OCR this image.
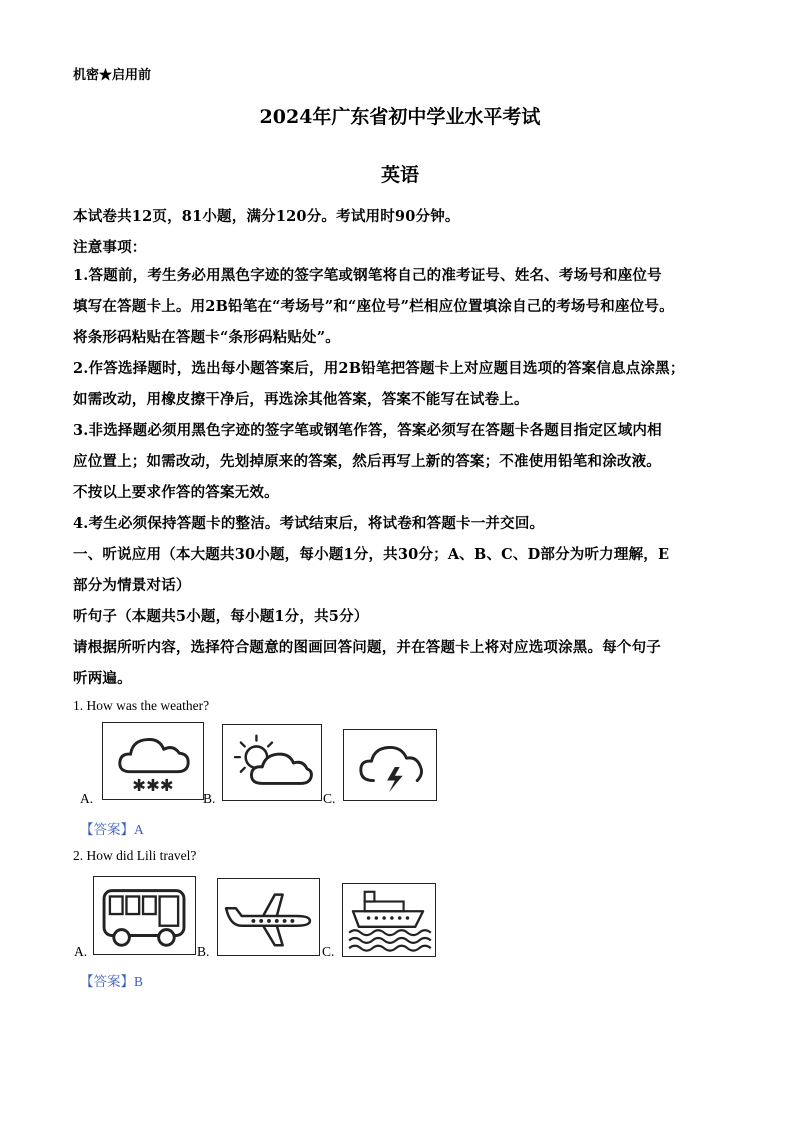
机密★启用前
2024年广东省初中学业水平考试
英语
本试卷共12页，81小题，满分120分。考试用时90分钟。
注意事项：
1.答题前，考生务必用黑色字迹的签字笔或钢笔将自己的准考证号、姓名、考场号和座位号
填写在答题卡上。用2B铅笔在“考场号”和“座位号”栏相应位置填涂自己的考场号和座位号。
将条形码粘贴在答题卡“条形码粘贴处”。
2.作答选择题时，选出每小题答案后，用2B铅笔把答题卡上对应题目选项的答案信息点涂黑；
如需改动，用橡皮擦干净后，再选涂其他答案，答案不能写在试卷上。
3.非选择题必须用黑色字迹的签字笔或钢笔作答，答案必须写在答题卡各题目指定区域内相
应位置上；如需改动，先划掉原来的答案，然后再写上新的答案；不准使用铅笔和涂改液。
不按以上要求作答的答案无效。
4.考生必须保持答题卡的整洁。考试结束后，将试卷和答题卡一并交回。
一、听说应用（本大题共30小题，每小题1分，共30分；A、B、C、D部分为听力理解，E
部分为情景对话）
听句子（本题共5小题，每小题1分，共5分）
请根据所听内容，选择符合题意的图画回答问题，并在答题卡上将对应选项涂黑。每个句子
听两遍。
1. How was the weather?
✱✱✱
A.	B.	C.
【答案】A
2. How did Lili travel?
A.	B.	C.
【答案】B
